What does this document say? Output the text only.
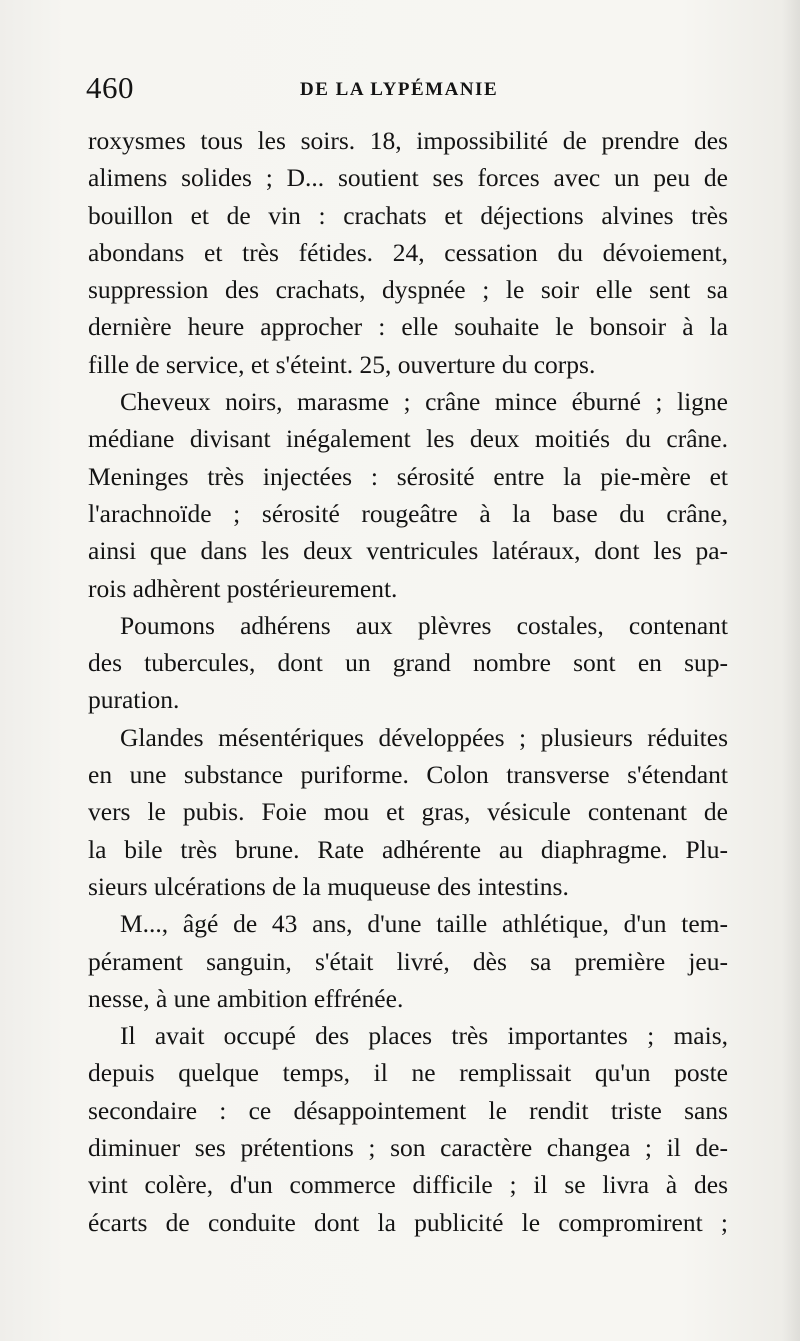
460	DE LA LYPÉMANIE
roxysmes tous les soirs. 18, impossibilité de prendre des
alimens solides ; D... soutient ses forces avec un peu de
bouillon et de vin : crachats et déjections alvines très
abondans et très fétides. 24, cessation du dévoiement,
suppression des crachats, dyspnée ; le soir elle sent sa
dernière heure approcher : elle souhaite le bonsoir à la
fille de service, et s'éteint. 25, ouverture du corps.
Cheveux noirs, marasme ; crâne mince éburné ; ligne
médiane divisant inégalement les deux moitiés du crâne.
Meninges très injectées : sérosité entre la pie-mère et
l'arachnoïde ; sérosité rougeâtre à la base du crâne,
ainsi que dans les deux ventricules latéraux, dont les pa-
rois adhèrent postérieurement.
Poumons adhérens aux plèvres costales, contenant
des tubercules, dont un grand nombre sont en sup-
puration.
Glandes mésentériques développées ; plusieurs réduites
en une substance puriforme. Colon transverse s'étendant
vers le pubis. Foie mou et gras, vésicule contenant de
la bile très brune. Rate adhérente au diaphragme. Plu-
sieurs ulcérations de la muqueuse des intestins.
M..., âgé de 43 ans, d'une taille athlétique, d'un tem-
pérament sanguin, s'était livré, dès sa première jeu-
nesse, à une ambition effrénée.
Il avait occupé des places très importantes ; mais,
depuis quelque temps, il ne remplissait qu'un poste
secondaire : ce désappointement le rendit triste sans
diminuer ses prétentions ; son caractère changea ; il de-
vint colère, d'un commerce difficile ; il se livra à des
écarts de conduite dont la publicité le compromirent ;
